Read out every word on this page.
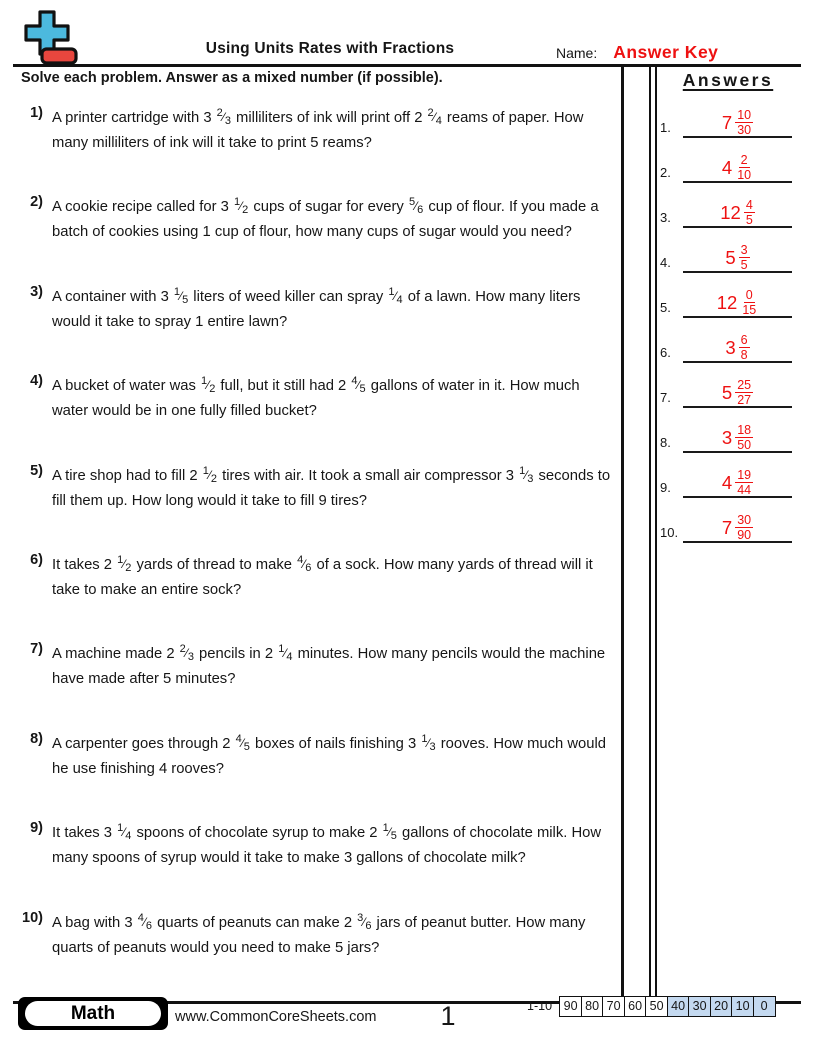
Using Units Rates with Fractions	Name: Answer Key
Solve each problem. Answer as a mixed number (if possible).
1) A printer cartridge with 3 $^2$⁄3 milliliters of ink will print off 2 $^2$⁄4 reams of paper. How many milliliters of ink will it take to print 5 reams?
2) A cookie recipe called for 3 $^1$⁄2 cups of sugar for every $^5$⁄6 cup of flour. If you made a batch of cookies using 1 cup of flour, how many cups of sugar would you need?
3) A container with 3 $^1$⁄5 liters of weed killer can spray $^1$⁄4 of a lawn. How many liters would it take to spray 1 entire lawn?
4) A bucket of water was $^1$⁄2 full, but it still had 2 $^4$⁄5 gallons of water in it. How much water would be in one fully filled bucket?
5) A tire shop had to fill 2 $^1$⁄2 tires with air. It took a small air compressor 3 $^1$⁄3 seconds to fill them up. How long would it take to fill 9 tires?
6) It takes 2 $^1$⁄2 yards of thread to make $^4$⁄6 of a sock. How many yards of thread will it take to make an entire sock?
7) A machine made 2 $^2$⁄3 pencils in 2 $^1$⁄4 minutes. How many pencils would the machine have made after 5 minutes?
8) A carpenter goes through 2 $^4$⁄5 boxes of nails finishing 3 $^1$⁄3 rooves. How much would he use finishing 4 rooves?
9) It takes 3 $^1$⁄4 spoons of chocolate syrup to make 2 $^1$⁄5 gallons of chocolate milk. How many spoons of syrup would it take to make 3 gallons of chocolate milk?
10) A bag with 3 $^4$⁄6 quarts of peanuts can make 2 $^3$⁄6 jars of peanut butter. How many quarts of peanuts would you need to make 5 jars?
Answers
1.	$7 \frac{10}{30}$
2.	$4 \frac{2}{10}$
3.	$12 \frac{4}{5}$
4.	$5 \frac{3}{5}$
5. $12 \frac{0}{15}$
6.	$3 \frac{6}{8}$
7.	$5 \frac{25}{27}$
8.	$3 \frac{18}{50}$
9.	$4 \frac{19}{44}$
10. $7 \frac{30}{90}$
Math	www.CommonCoreSheets.com	1	1-10 90 80 70 60 50 40 30 20 10 0
